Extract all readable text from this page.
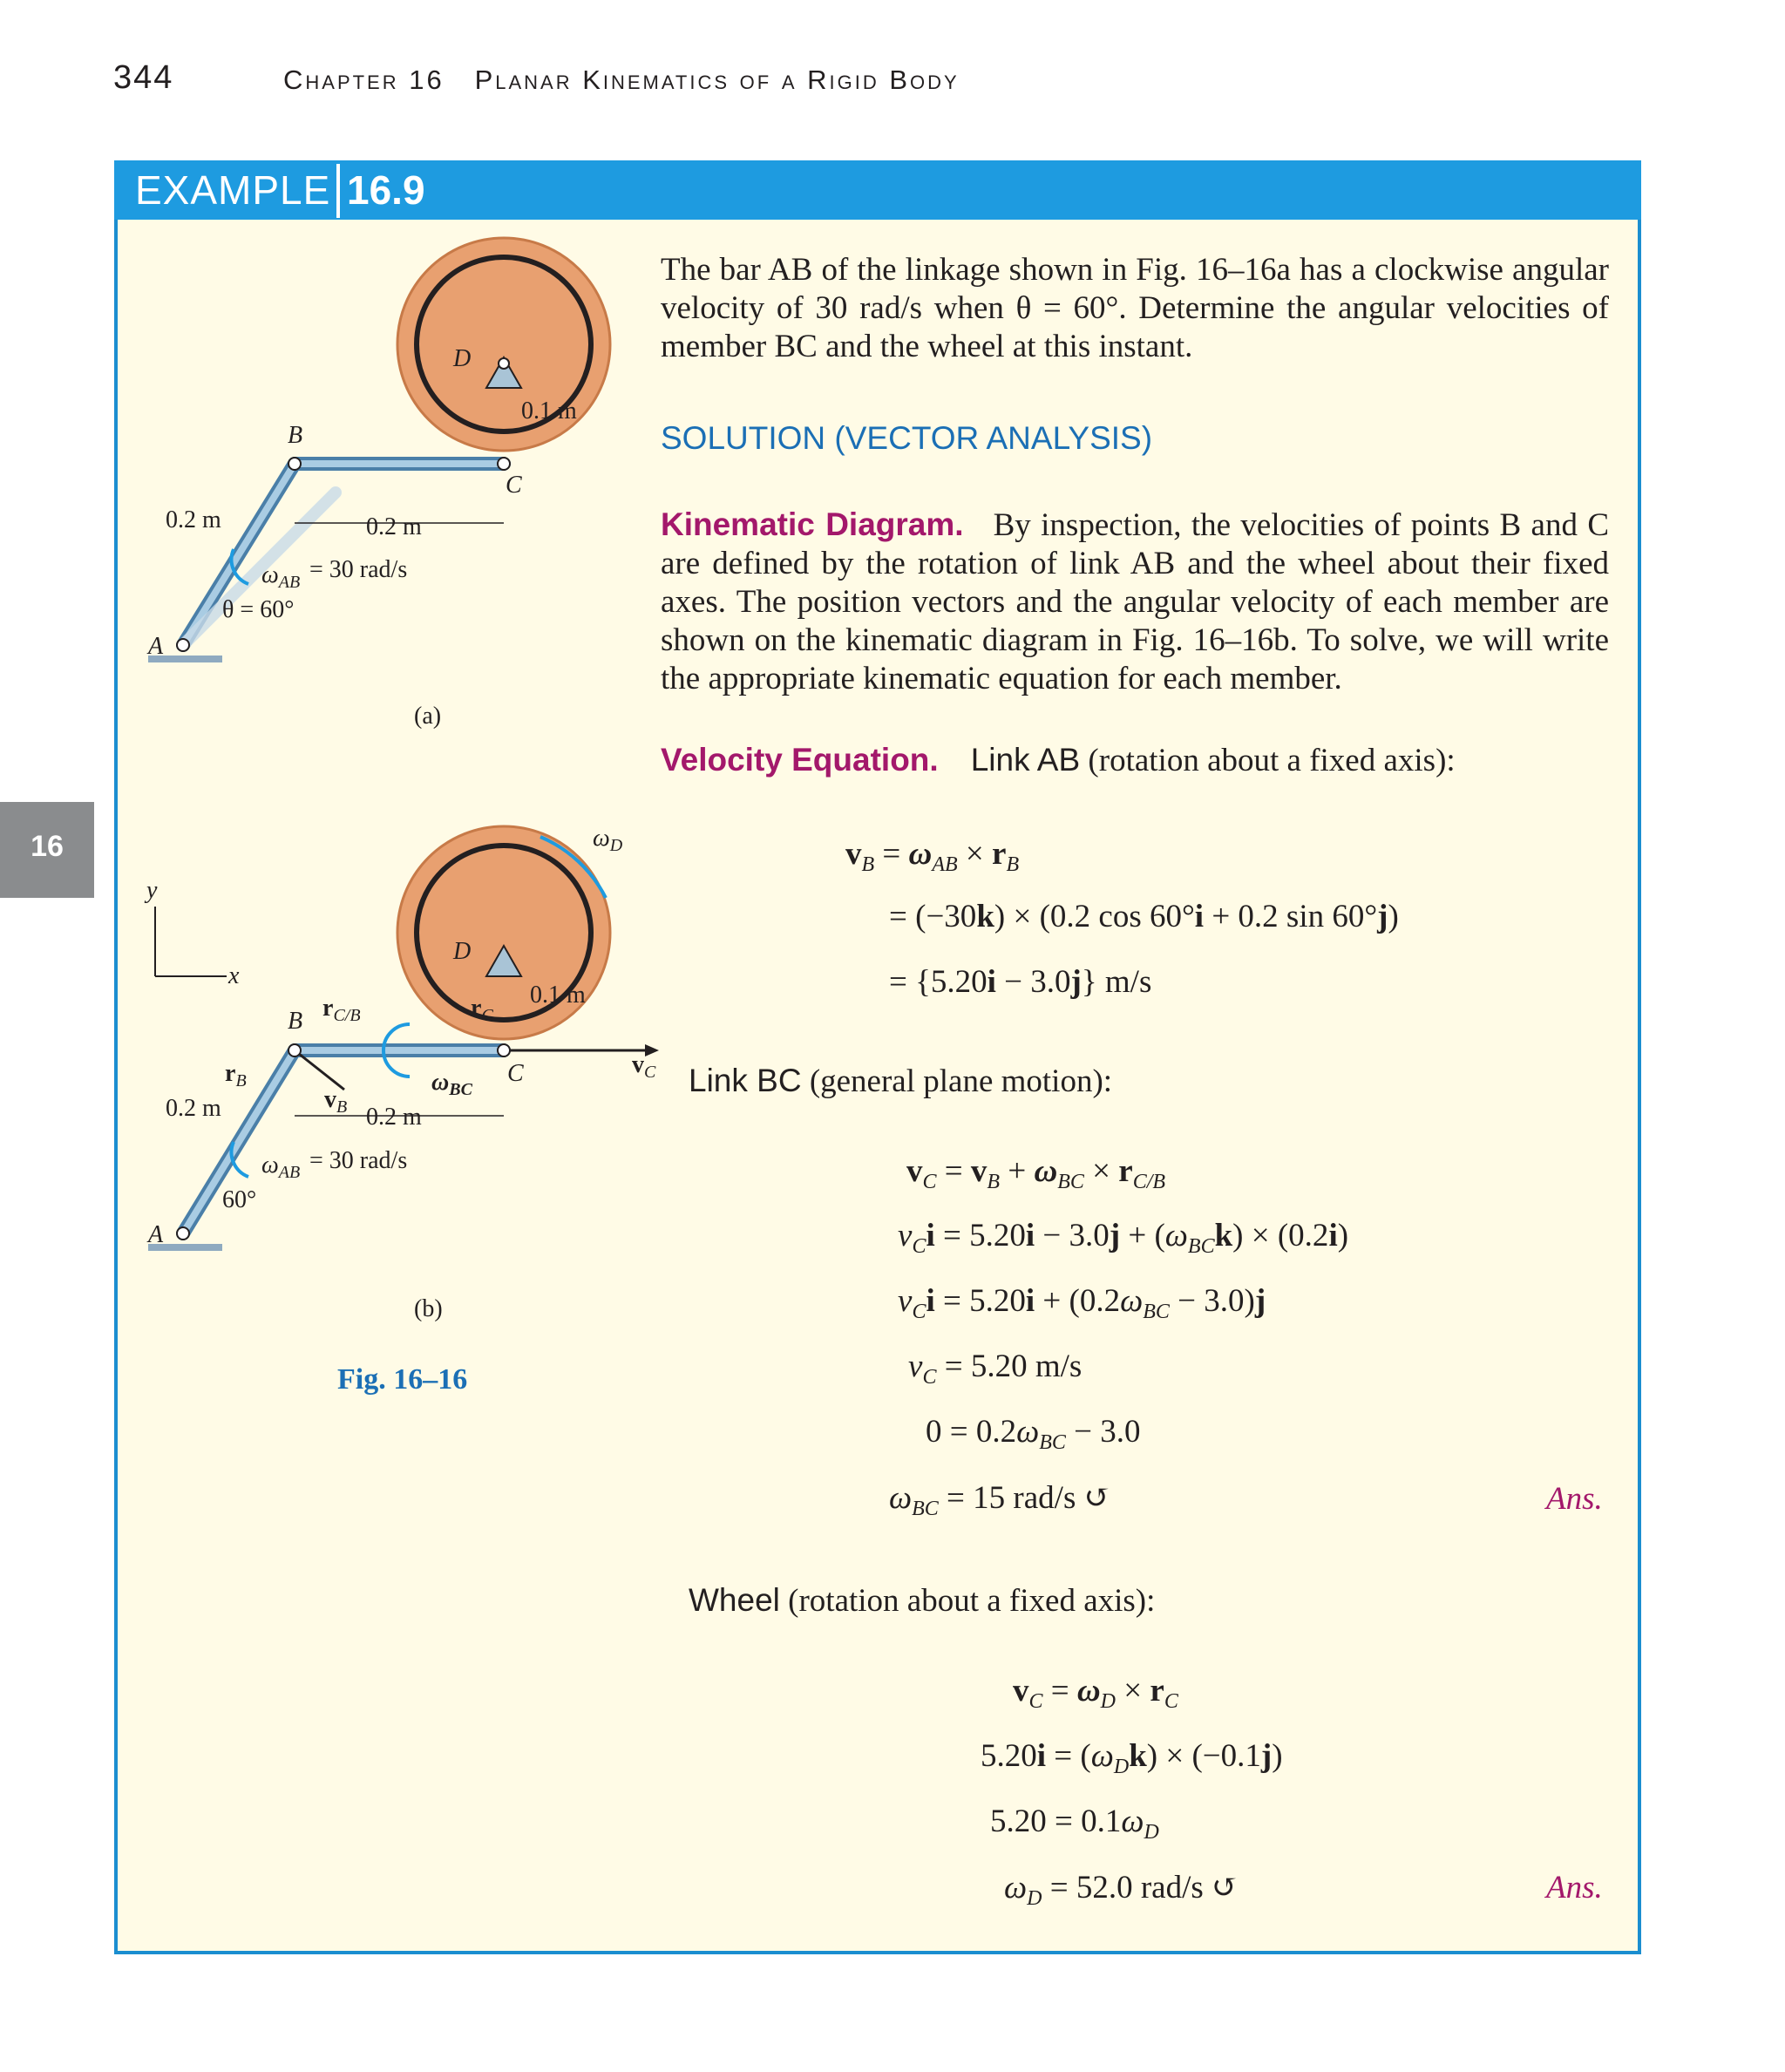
344	Chapter 16 Planar Kinematics of a Rigid Body
16
EXAMPLE 16.9
The bar AB of the linkage shown in Fig. 16–16a has a clockwise angular velocity of 30 rad/s when θ = 60°. Determine the angular velocities of member BC and the wheel at this instant.
SOLUTION (VECTOR ANALYSIS)
Kinematic Diagram. By inspection, the velocities of points B and C are defined by the rotation of link AB and the wheel about their fixed axes. The position vectors and the angular velocity of each member are shown on the kinematic diagram in Fig. 16–16b. To solve, we will write the appropriate kinematic equation for each member.
Velocity Equation. Link AB (rotation about a fixed axis):
$v_B = \omega_{AB} \times r_B$
= (−30k) × (0.2 cos 60°i + 0.2 sin 60°j)
= {5.20i − 3.0j} m/s
Link BC (general plane motion):
$v_C = v_B + \omega_{BC} \times r_{C/B}$
$v_Ci = 5.20i - 3.0j + (\omega_{BC}k) \times (0.2i)$
$v_Ci = 5.20i + (0.2\omega_{BC} - 3.0)j$
$v_C = 5.20$ m/s
$0 = 0.2\omega_{BC} - 3.0$
$\omega_{BC} = 15$ rad/s ↺	Ans.
Wheel (rotation about a fixed axis):
$v_C = \omega_D \times r_C$
$5.20i = (\omega_Dk) \times (-0.1j)$
$5.20 = 0.1\omega_D$
$\omega_D = 52.0$ rad/s ↺	Ans.
B
A
C
D
0.1 m
0.2 m	0.2 m
$\omega_{AB} = 30$ rad/s
θ = 60°
(a)
$\omega_D$
y
x
B
A
C
D
0.1 m
0.2 m	0.2 m
$r_{C/B}$	$r_C$
$r_B$
$v_B$
$v_C$
$\omega_{BC}$
$\omega_{AB} = 30$ rad/s
60°
(b)
Fig. 16–16
